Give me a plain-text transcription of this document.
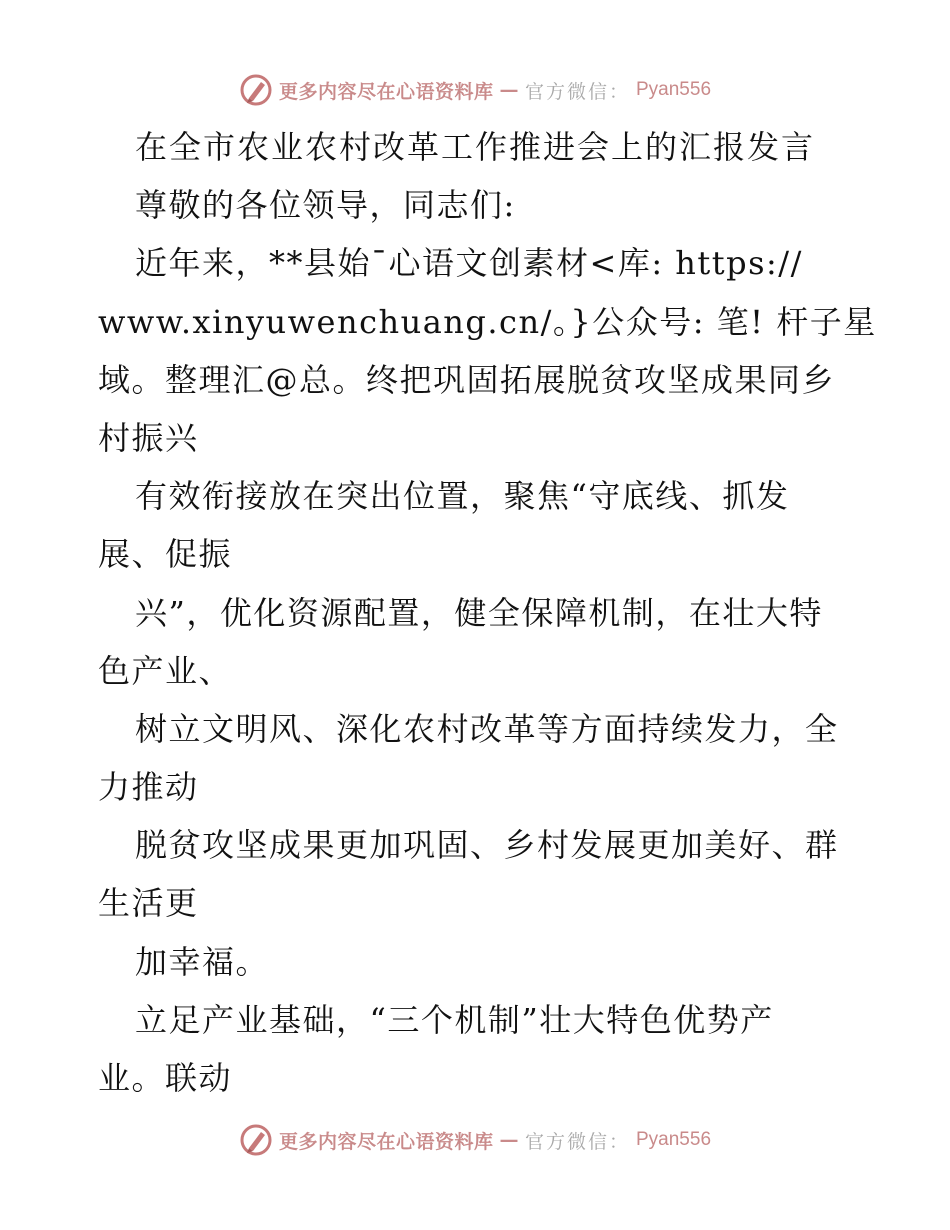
更多内容尽在心语资料库 — 官方微信： Pyan556
在全市农业农村改革工作推进会上的汇报发言
尊敬的各位领导，同志们:
近年来，**县始¯心语文创素材<库: https://
www.xinyuwenchuang.cn/。}公众号: 笔! 杆子星
域。整理汇@总。终把巩固拓展脱贫攻坚成果同乡
村振兴
有效衔接放在突出位置，聚焦“守底线、抓发
展、促振
兴”，优化资源配置，健全保障机制，在壮大特
色产业、
树立文明风、深化农村改革等方面持续发力，全
力推动
脱贫攻坚成果更加巩固、乡村发展更加美好、群
生活更
加幸福。
立足产业基础，“三个机制”壮大特色优势产
业。联动
更多内容尽在心语资料库 — 官方微信： Pyan556
